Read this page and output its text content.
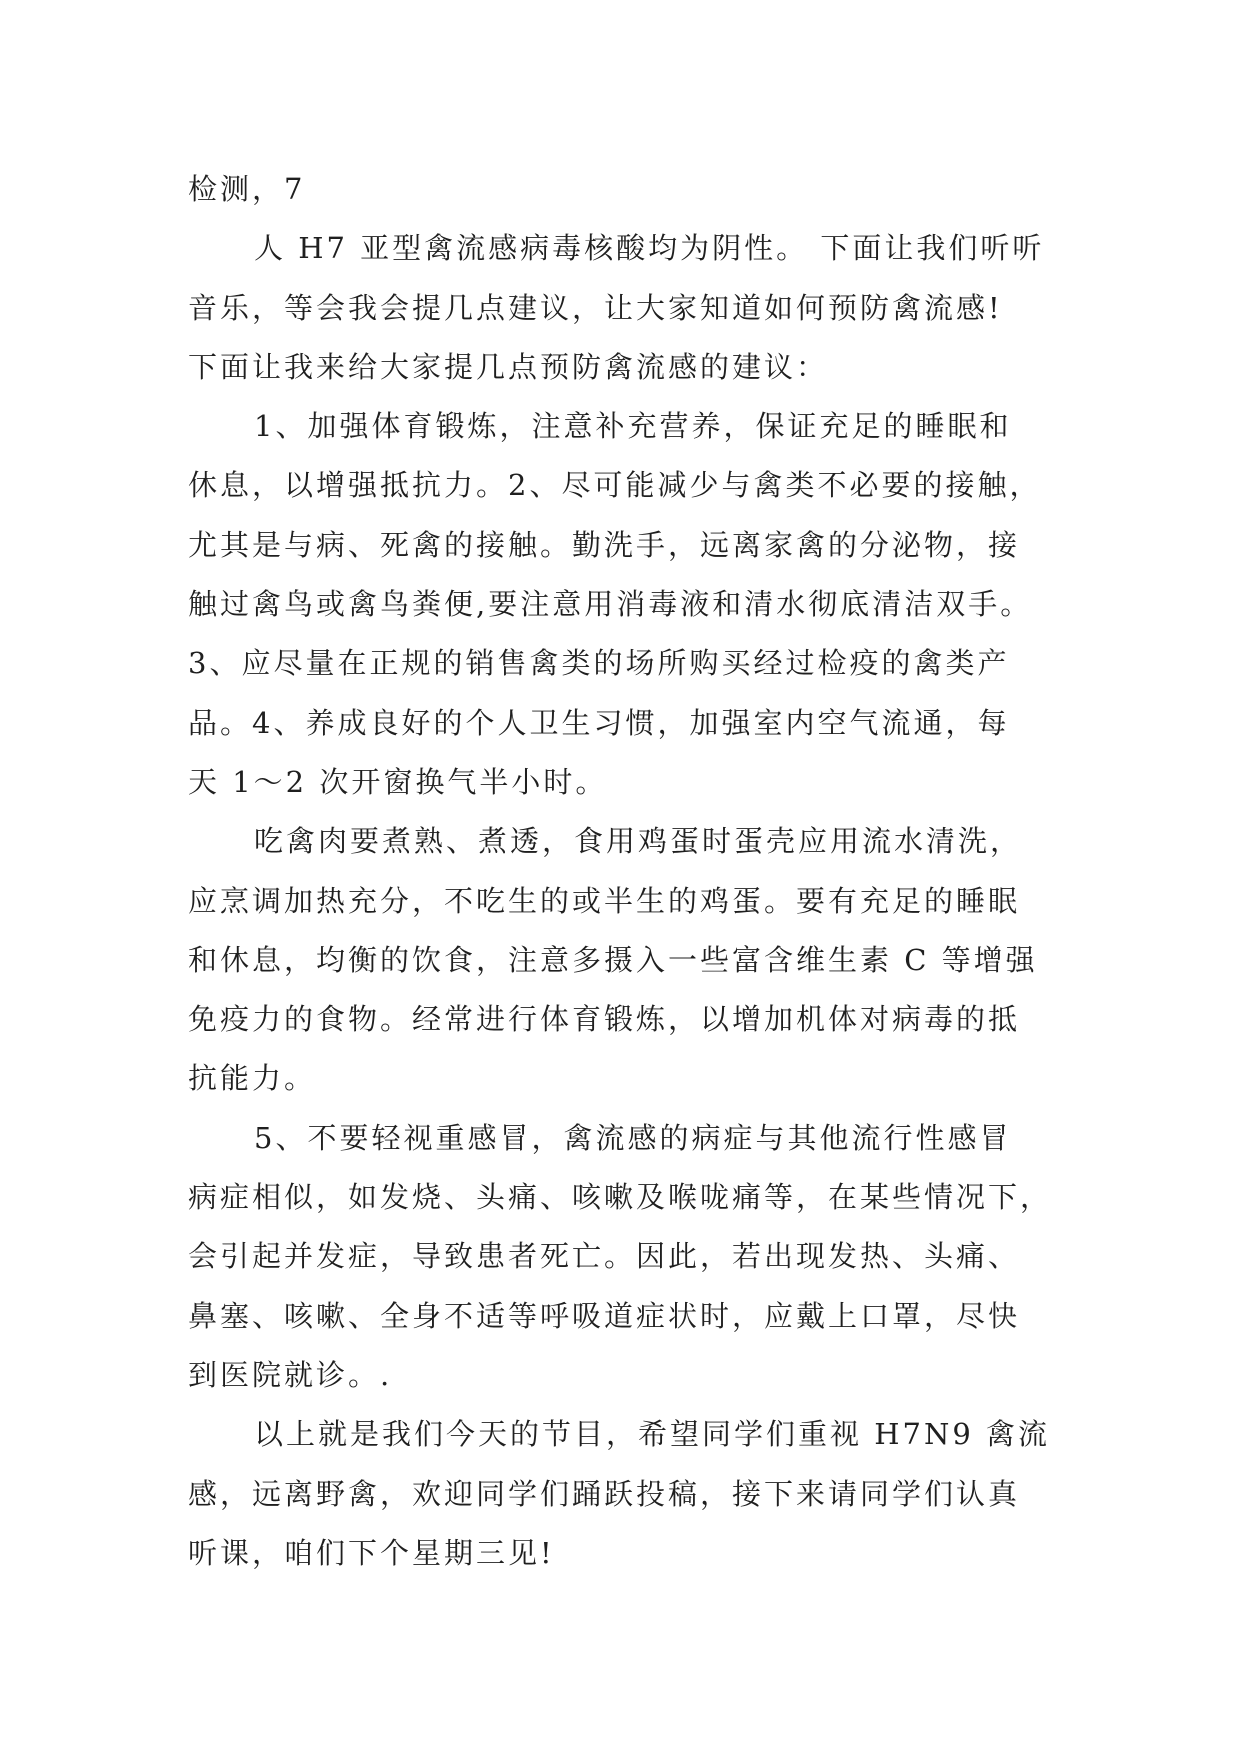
检测，7
人 H7 亚型禽流感病毒核酸均为阴性。 下面让我们听听
音乐，等会我会提几点建议，让大家知道如何预防禽流感!
下面让我来给大家提几点预防禽流感的建议：
1、加强体育锻炼，注意补充营养，保证充足的睡眠和
休息，以增强抵抗力。2、尽可能减少与禽类不必要的接触，
尤其是与病、死禽的接触。勤洗手，远离家禽的分泌物，接
触过禽鸟或禽鸟粪便,要注意用消毒液和清水彻底清洁双手。
3、应尽量在正规的销售禽类的场所购买经过检疫的禽类产
品。4、养成良好的个人卫生习惯，加强室内空气流通，每
天 1～2 次开窗换气半小时。
吃禽肉要煮熟、煮透，食用鸡蛋时蛋壳应用流水清洗，
应烹调加热充分，不吃生的或半生的鸡蛋。要有充足的睡眠
和休息，均衡的饮食，注意多摄入一些富含维生素 C 等增强
免疫力的食物。经常进行体育锻炼，以增加机体对病毒的抵
抗能力。
5、不要轻视重感冒，禽流感的病症与其他流行性感冒
病症相似，如发烧、头痛、咳嗽及喉咙痛等，在某些情况下，
会引起并发症，导致患者死亡。因此，若出现发热、头痛、
鼻塞、咳嗽、全身不适等呼吸道症状时，应戴上口罩，尽快
到医院就诊。.
以上就是我们今天的节目，希望同学们重视 H7N9 禽流
感，远离野禽，欢迎同学们踊跃投稿，接下来请同学们认真
听课，咱们下个星期三见!
